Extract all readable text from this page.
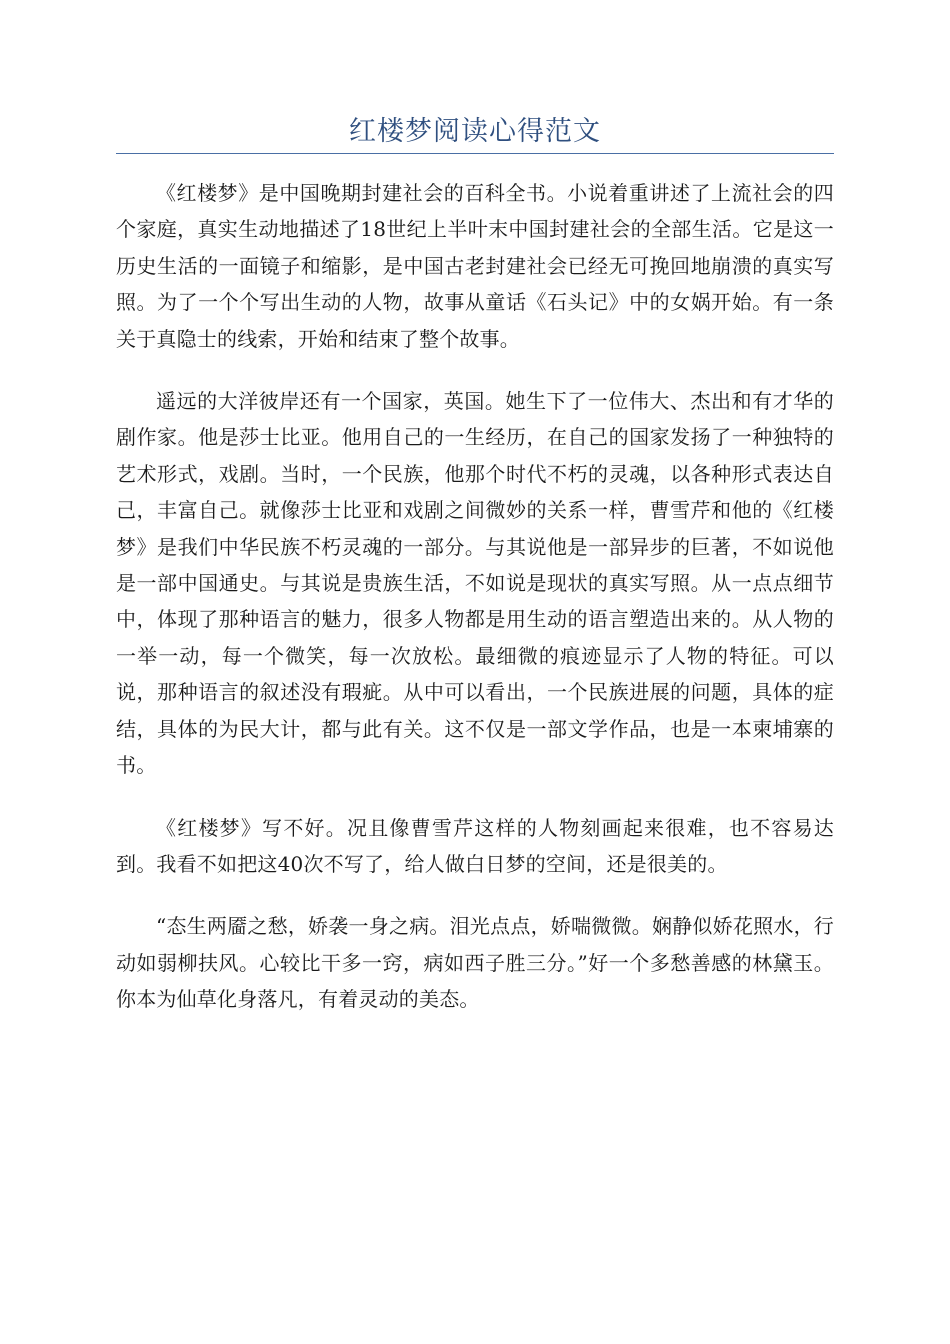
红楼梦阅读心得范文

《红楼梦》是中国晚期封建社会的百科全书。小说着重讲述了上流社会的四个家庭，真实生动地描述了18世纪上半叶末中国封建社会的全部生活。它是这一历史生活的一面镜子和缩影，是中国古老封建社会已经无可挽回地崩溃的真实写照。为了一个个写出生动的人物，故事从童话《石头记》中的女娲开始。有一条关于真隐士的线索，开始和结束了整个故事。

遥远的大洋彼岸还有一个国家，英国。她生下了一位伟大、杰出和有才华的剧作家。他是莎士比亚。他用自己的一生经历，在自己的国家发扬了一种独特的艺术形式，戏剧。当时，一个民族，他那个时代不朽的灵魂，以各种形式表达自己，丰富自己。就像莎士比亚和戏剧之间微妙的关系一样，曹雪芹和他的《红楼梦》是我们中华民族不朽灵魂的一部分。与其说他是一部异步的巨著，不如说他是一部中国通史。与其说是贵族生活，不如说是现状的真实写照。从一点点细节中，体现了那种语言的魅力，很多人物都是用生动的语言塑造出来的。从人物的一举一动，每一个微笑，每一次放松。最细微的痕迹显示了人物的特征。可以说，那种语言的叙述没有瑕疵。从中可以看出，一个民族进展的问题，具体的症结，具体的为民大计，都与此有关。这不仅是一部文学作品，也是一本柬埔寨的书。

《红楼梦》写不好。况且像曹雪芹这样的人物刻画起来很难，也不容易达到。我看不如把这40次不写了，给人做白日梦的空间，还是很美的。

“态生两靥之愁，娇袭一身之病。泪光点点，娇喘微微。娴静似娇花照水，行动如弱柳扶风。心较比干多一窍，病如西子胜三分。”好一个多愁善感的林黛玉。你本为仙草化身落凡，有着灵动的美态。
